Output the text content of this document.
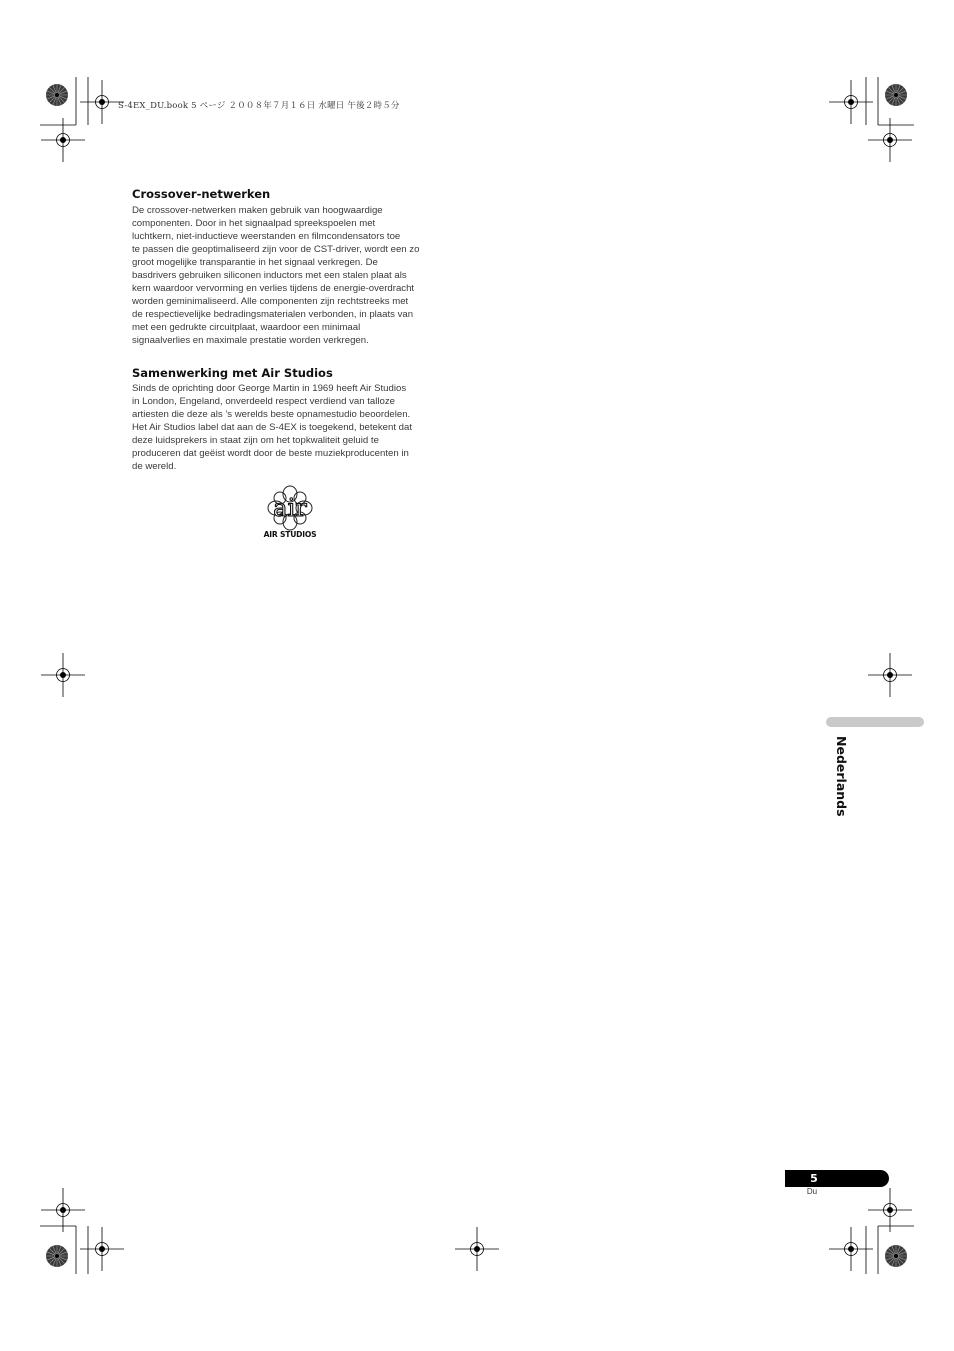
S-4EX_DU.book 5 ページ ２００８年７月１６日 水曜日 午後２時５分
Crossover-netwerken
De crossover-netwerken maken gebruik van hoogwaardige
componenten. Door in het signaalpad spreekspoelen met
luchtkern, niet-inductieve weerstanden en filmcondensators toe
te passen die geoptimaliseerd zijn voor de CST-driver, wordt een zo
groot mogelijke transparantie in het signaal verkregen. De
basdrivers gebruiken siliconen inductors met een stalen plaat als
kern waardoor vervorming en verlies tijdens de energie-overdracht
worden geminimaliseerd. Alle componenten zijn rechtstreeks met
de respectievelijke bedradingsmaterialen verbonden, in plaats van
met een gedrukte circuitplaat, waardoor een minimaal
signaalverlies en maximale prestatie worden verkregen.
Samenwerking met Air Studios
Sinds de oprichting door George Martin in 1969 heeft Air Studios
in London, Engeland, onverdeeld respect verdiend van talloze
artiesten die deze als ’s werelds beste opnamestudio beoordelen.
Het Air Studios label dat aan de S-4EX is toegekend, betekent dat
deze luidsprekers in staat zijn om het topkwaliteit geluid te
produceren dat geëist wordt door de beste muziekproducenten in
de wereld.
air
AIR STUDIOS
Nederlands
5
Du
